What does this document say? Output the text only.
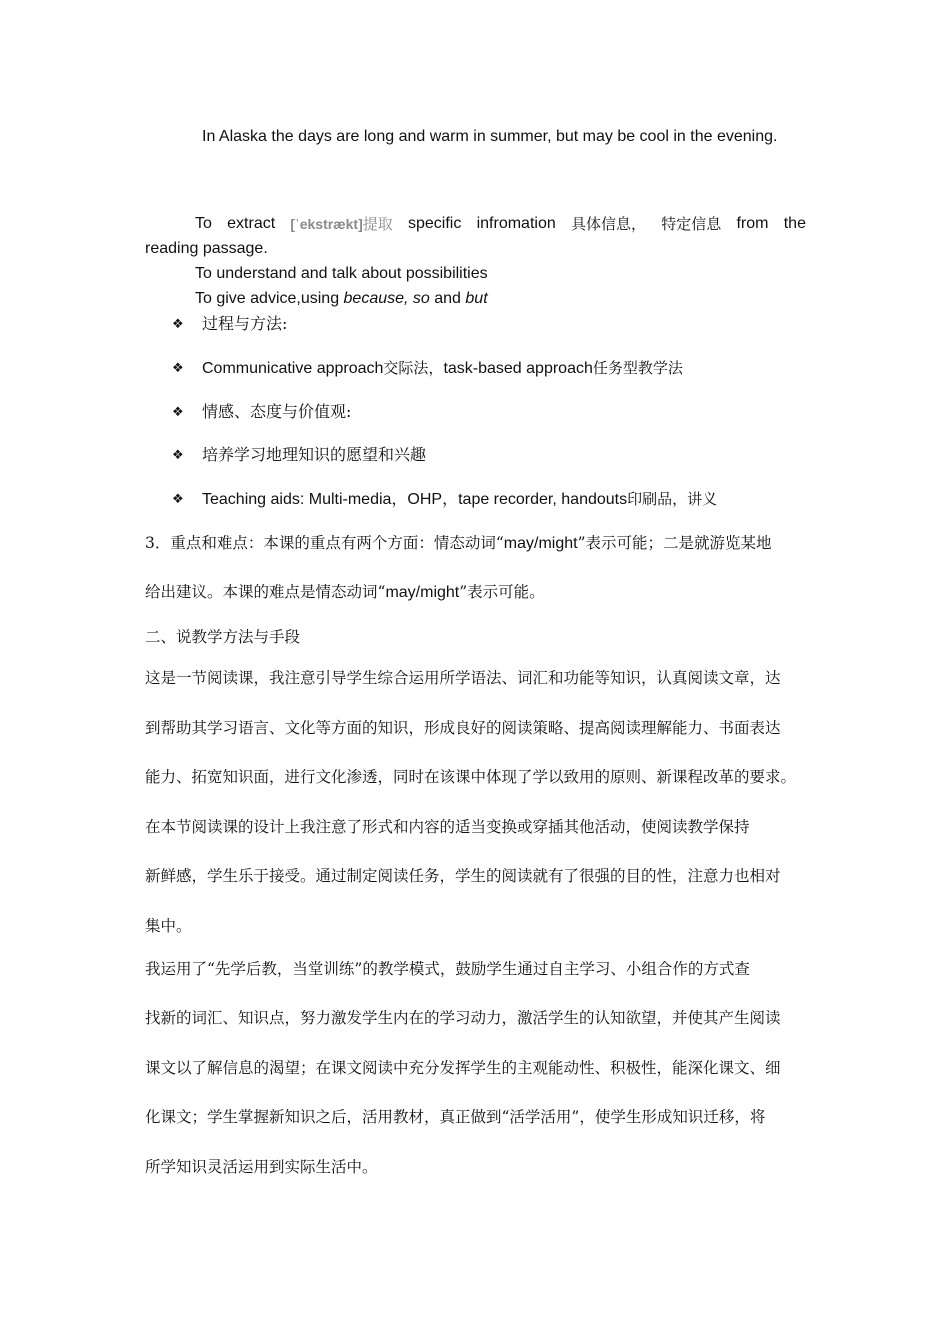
In Alaska the days are long and warm in summer, but may be cool in the evening.
To extract [ˈekstrækt]提取 specific infromation 具体信息， 特定信息 from the
reading passage.
To understand and talk about possibilities
To give advice,using because, so and but
❖ 过程与方法:
❖ Communicative approach交际法，task-based approach任务型教学法
❖ 情感、态度与价值观:
❖ 培养学习地理知识的愿望和兴趣
❖ Teaching aids: Multi-media，OHP，tape recorder, handouts印刷品，讲义
3．重点和难点：本课的重点有两个方面：情态动词“may/might”表示可能；二是就游览某地
给出建议。本课的难点是情态动词“may/might”表示可能。
二、说教学方法与手段
这是一节阅读课，我注意引导学生综合运用所学语法、词汇和功能等知识，认真阅读文章，达
到帮助其学习语言、文化等方面的知识，形成良好的阅读策略、提高阅读理解能力、书面表达
能力、拓宽知识面，进行文化渗透，同时在该课中体现了学以致用的原则、新课程改革的要求。
在本节阅读课的设计上我注意了形式和内容的适当变换或穿插其他活动，使阅读教学保持
新鲜感，学生乐于接受。通过制定阅读任务，学生的阅读就有了很强的目的性，注意力也相对
集中。
我运用了“先学后教，当堂训练”的教学模式，鼓励学生通过自主学习、小组合作的方式查
找新的词汇、知识点，努力激发学生内在的学习动力，激活学生的认知欲望，并使其产生阅读
课文以了解信息的渴望；在课文阅读中充分发挥学生的主观能动性、积极性，能深化课文、细
化课文；学生掌握新知识之后，活用教材，真正做到“活学活用”，使学生形成知识迁移，将
所学知识灵活运用到实际生活中。
